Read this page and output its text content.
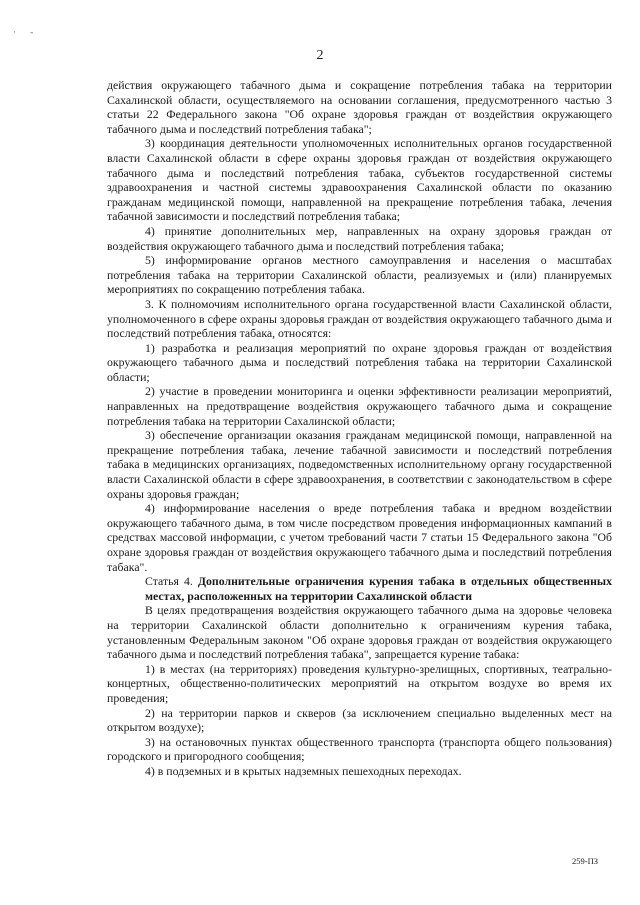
· -
2

действия окружающего табачного дыма и сокращение потребления табака на территории Сахалинской области, осуществляемого на основании соглашения, предусмотренного частью 3 статьи 22 Федерального закона "Об охране здоровья граждан от воздействия окружающего табачного дыма и последствий потребления табака";

3) координация деятельности уполномоченных исполнительных органов государственной власти Сахалинской области в сфере охраны здоровья граждан от воздействия окружающего табачного дыма и последствий потребления табака, субъектов государственной системы здравоохранения и частной системы здравоохранения Сахалинской области по оказанию гражданам медицинской помощи, направленной на прекращение потребления табака, лечения табачной зависимости и последствий потребления табака;

4) принятие дополнительных мер, направленных на охрану здоровья граждан от воздействия окружающего табачного дыма и последствий потребления табака;

5) информирование органов местного самоуправления и населения о масштабах потребления табака на территории Сахалинской области, реализуемых и (или) планируемых мероприятиях по сокращению потребления табака.

3. К полномочиям исполнительного органа государственной власти Сахалинской области, уполномоченного в сфере охраны здоровья граждан от воздействия окружающего табачного дыма и последствий потребления табака, относятся:

1) разработка и реализация мероприятий по охране здоровья граждан от воздействия окружающего табачного дыма и последствий потребления табака на территории Сахалинской области;

2) участие в проведении мониторинга и оценки эффективности реализации мероприятий, направленных на предотвращение воздействия окружающего табачного дыма и сокращение потребления табака на территории Сахалинской области;

3) обеспечение организации оказания гражданам медицинской помощи, направленной на прекращение потребления табака, лечение табачной зависимости и последствий потребления табака в медицинских организациях, подведомственных исполнительному органу государственной власти Сахалинской области в сфере здравоохранения, в соответствии с законодательством в сфере охраны здоровья граждан;

4) информирование населения о вреде потребления табака и вредном воздействии окружающего табачного дыма, в том числе посредством проведения информационных кампаний в средствах массовой информации, с учетом требований части 7 статьи 15 Федерального закона "Об охране здоровья граждан от воздействия окружающего табачного дыма и последствий потребления табака".

Статья 4. Дополнительные ограничения курения табака в отдельных общественных местах, расположенных на территории Сахалинской области

В целях предотвращения воздействия окружающего табачного дыма на здоровье человека на территории Сахалинской области дополнительно к ограничениям курения табака, установленным Федеральным законом "Об охране здоровья граждан от воздействия окружающего табачного дыма и последствий потребления табака", запрещается курение табака:

1) в местах (на территориях) проведения культурно-зрелищных, спортивных, театрально-концертных, общественно-политических мероприятий на открытом воздухе во время их проведения;

2) на территории парков и скверов (за исключением специально выделенных мест на открытом воздухе);

3) на остановочных пунктах общественного транспорта (транспорта общего пользования) городского и пригородного сообщения;

4) в подземных и в крытых надземных пешеходных переходах.

259-ПЗ
